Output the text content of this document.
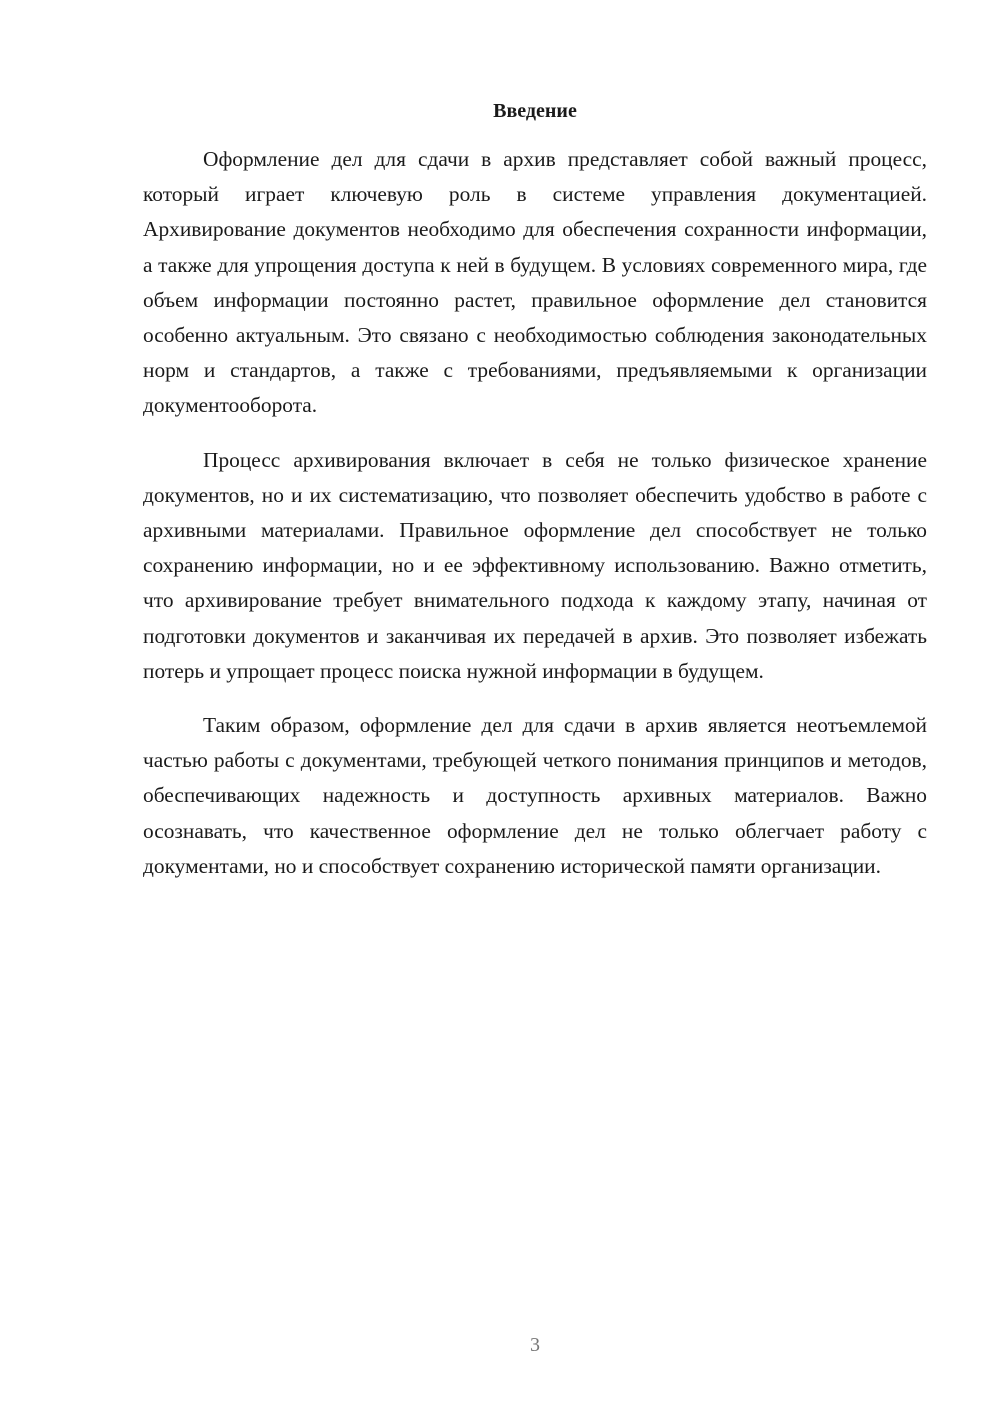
Введение

Оформление дел для сдачи в архив представляет собой важный процесс, который играет ключевую роль в системе управления документацией. Архивирование документов необходимо для обеспечения сохранности информации, а также для упрощения доступа к ней в будущем. В условиях современного мира, где объем информации постоянно растет, правильное оформление дел становится особенно актуальным. Это связано с необходимостью соблюдения законодательных норм и стандартов, а также с требованиями, предъявляемыми к организации документооборота.

Процесс архивирования включает в себя не только физическое хранение документов, но и их систематизацию, что позволяет обеспечить удобство в работе с архивными материалами. Правильное оформление дел способствует не только сохранению информации, но и ее эффективному использованию. Важно отметить, что архивирование требует внимательного подхода к каждому этапу, начиная от подготовки документов и заканчивая их передачей в архив. Это позволяет избежать потерь и упрощает процесс поиска нужной информации в будущем.

Таким образом, оформление дел для сдачи в архив является неотъемлемой частью работы с документами, требующей четкого понимания принципов и методов, обеспечивающих надежность и доступность архивных материалов. Важно осознавать, что качественное оформление дел не только облегчает работу с документами, но и способствует сохранению исторической памяти организации.

3
